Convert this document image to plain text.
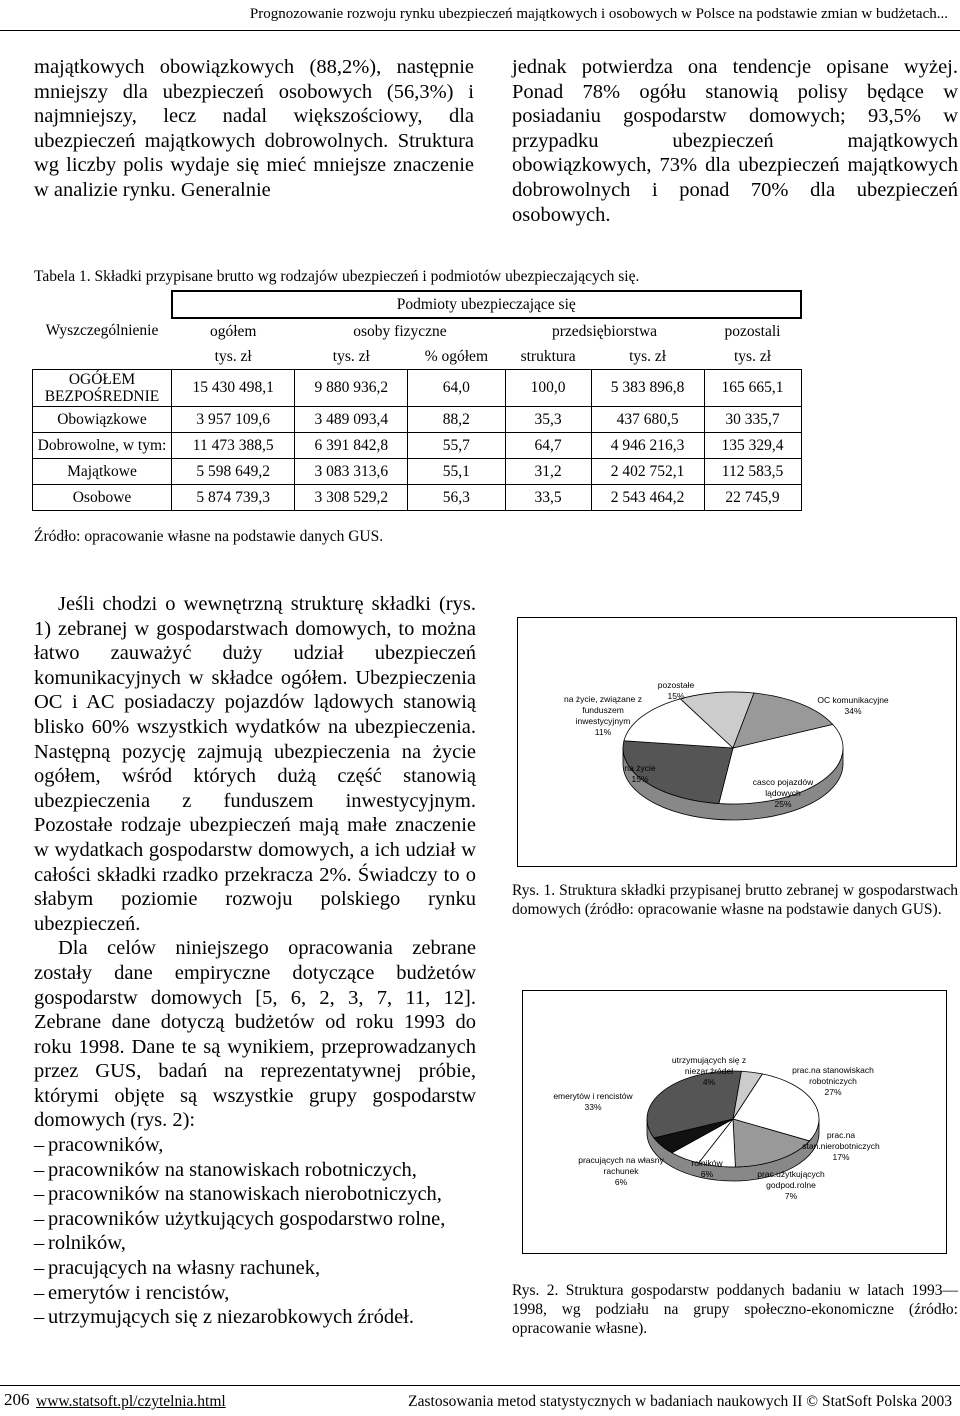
Prognozowanie rozwoju rynku ubezpieczeń majątkowych i osobowych w Polsce na podstawie zmian w budżetach...

majątkowych obowiązkowych (88,2%), następnie mniejszy dla ubezpieczeń osobowych (56,3%) i najmniejszy, lecz nadal większościowy, dla ubezpieczeń majątkowych dobrowolnych. Struktura wg liczby polis wydaje się mieć mniejsze znaczenie w analizie rynku. Generalnie

jednak potwierdza ona tendencje opisane wyżej. Ponad 78% ogółu stanowią polisy będące w posiadaniu gospodarstw domowych; 93,5% w przypadku ubezpieczeń majątkowych obowiązkowych, 73% dla ubezpieczeń majątkowych dobrowolnych i ponad 70% dla ubezpieczeń osobowych.

Tabela 1. Składki przypisane brutto wg rodzajów ubezpieczeń i podmiotów ubezpieczających się.
	Podmioty ubezpieczające się					
Wyszczególnienie	ogółem	osoby fizyczne		przedsiębiorstwa		pozostali
	tys. zł	tys. zł	% ogółem	struktura	tys. zł	tys. zł
OGÓŁEM BEZPOŚREDNIE	15 430 498,1	9 880 936,2	64,0	100,0	5 383 896,8	165 665,1
Obowiązkowe	3 957 109,6	3 489 093,4	88,2	35,3	437 680,5	30 335,7
Dobrowolne, w tym:	11 473 388,5	6 391 842,8	55,7	64,7	4 946 216,3	135 329,4
Majątkowe	5 598 649,2	3 083 313,6	55,1	31,2	2 402 752,1	112 583,5
Osobowe	5 874 739,3	3 308 529,2	56,3	33,5	2 543 464,2	22 745,9
Źródło: opracowanie własne na podstawie danych GUS.

Jeśli chodzi o wewnętrzną strukturę składki (rys. 1) zebranej w gospodarstwach domowych, to można łatwo zauważyć duży udział ubezpieczeń komunikacyjnych w składce ogółem. Ubezpieczenia OC i AC posiadaczy pojazdów lądowych stanowią blisko 60% wszystkich wydatków na ubezpieczenia. Następną pozycję zajmują ubezpieczenia na życie ogółem, wśród których dużą część stanowią ubezpieczenia z funduszem inwestycyjnym. Pozostałe rodzaje ubezpieczeń mają małe znaczenie w wydatkach gospodarstw domowych, a ich udział w całości składki rzadko przekracza 2%. Świadczy to o słabym poziomie rozwoju polskiego rynku ubezpieczeń.

Dla celów niniejszego opracowania zebrane zostały dane empiryczne dotyczące budżetów gospodarstw domowych [5, 6, 2, 3, 7, 11, 12]. Zebrane dane dotyczą budżetów od roku 1993 do roku 1998. Dane te są wynikiem, przeprowadzanych przez GUS, badań na reprezentatywnej próbie, którymi objęte są wszystkie grupy gospodarstw domowych (rys. 2):

– pracowników,
– pracowników na stanowiskach robotniczych,
– pracowników na stanowiskach nierobotniczych,
– pracowników użytkujących gospodarstwo rolne,
– rolników,
– pracujących na własny rachunek,
– emerytów i rencistów,
– utrzymujących się z niezarobkowych źródeł.
OC komunikacyjne 34%
casco pojazdów lądowych 25%
na życie 15%
na życie, związane z funduszem inwestycyjnym 11%
pozostałe 15%
Rys. 1. Struktura składki przypisanej brutto zebranej w gospodarstwach domowych (źródło: opracowanie własne na podstawie danych GUS).
prac.na stanowiskach robotniczych 27%
prac.na stan.nierobotniczych 17%
prac.użytkujących godpod.rolne 7%
rolników 6%
pracujących na własny rachunek 6%
emerytów i rencistów 33%
utrzymujących się z niezar.źródeł 4%
Rys. 2. Struktura gospodarstw poddanych badaniu w latach 1993—1998, wg podziału na grupy społeczno-ekonomiczne (źródło: opracowanie własne).
206 www.statsoft.pl/czytelnia.html	Zastosowania metod statystycznych w badaniach naukowych II © StatSoft Polska 2003
